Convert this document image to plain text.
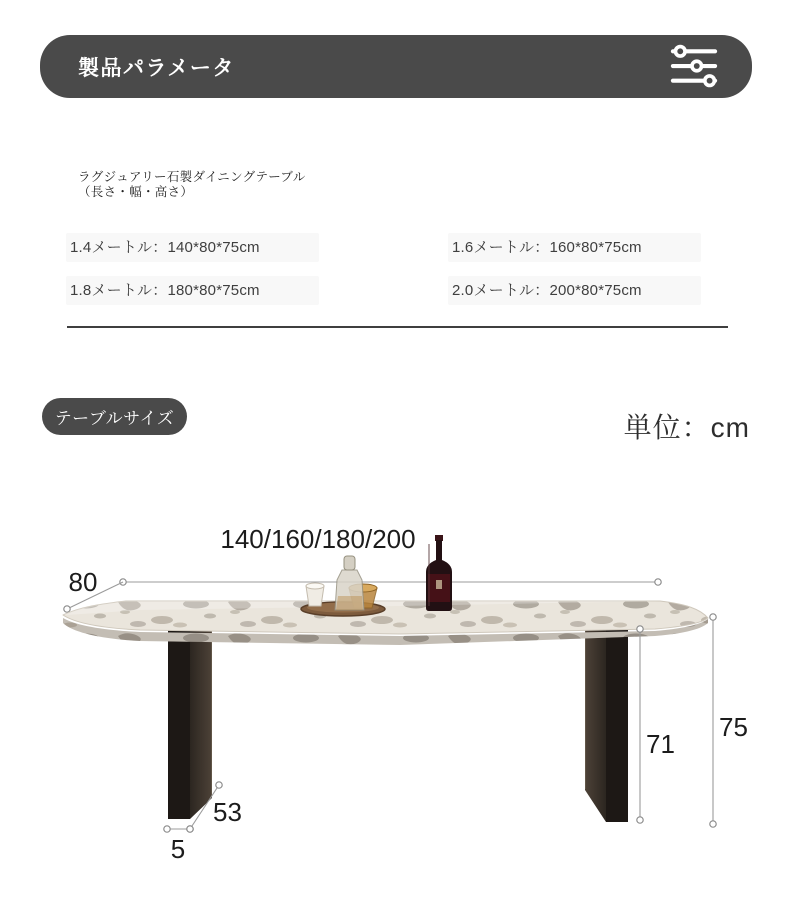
製品パラメータ
ラグジュアリー石製ダイニングテーブル
（長さ・幅・高さ）
1.4メートル：140*80*75cm	1.6メートル：160*80*75cm
1.8メートル：180*80*75cm	2.0メートル：200*80*75cm
テーブルサイズ	単位：cm
140/160/180/200
80
71
75
53
5
